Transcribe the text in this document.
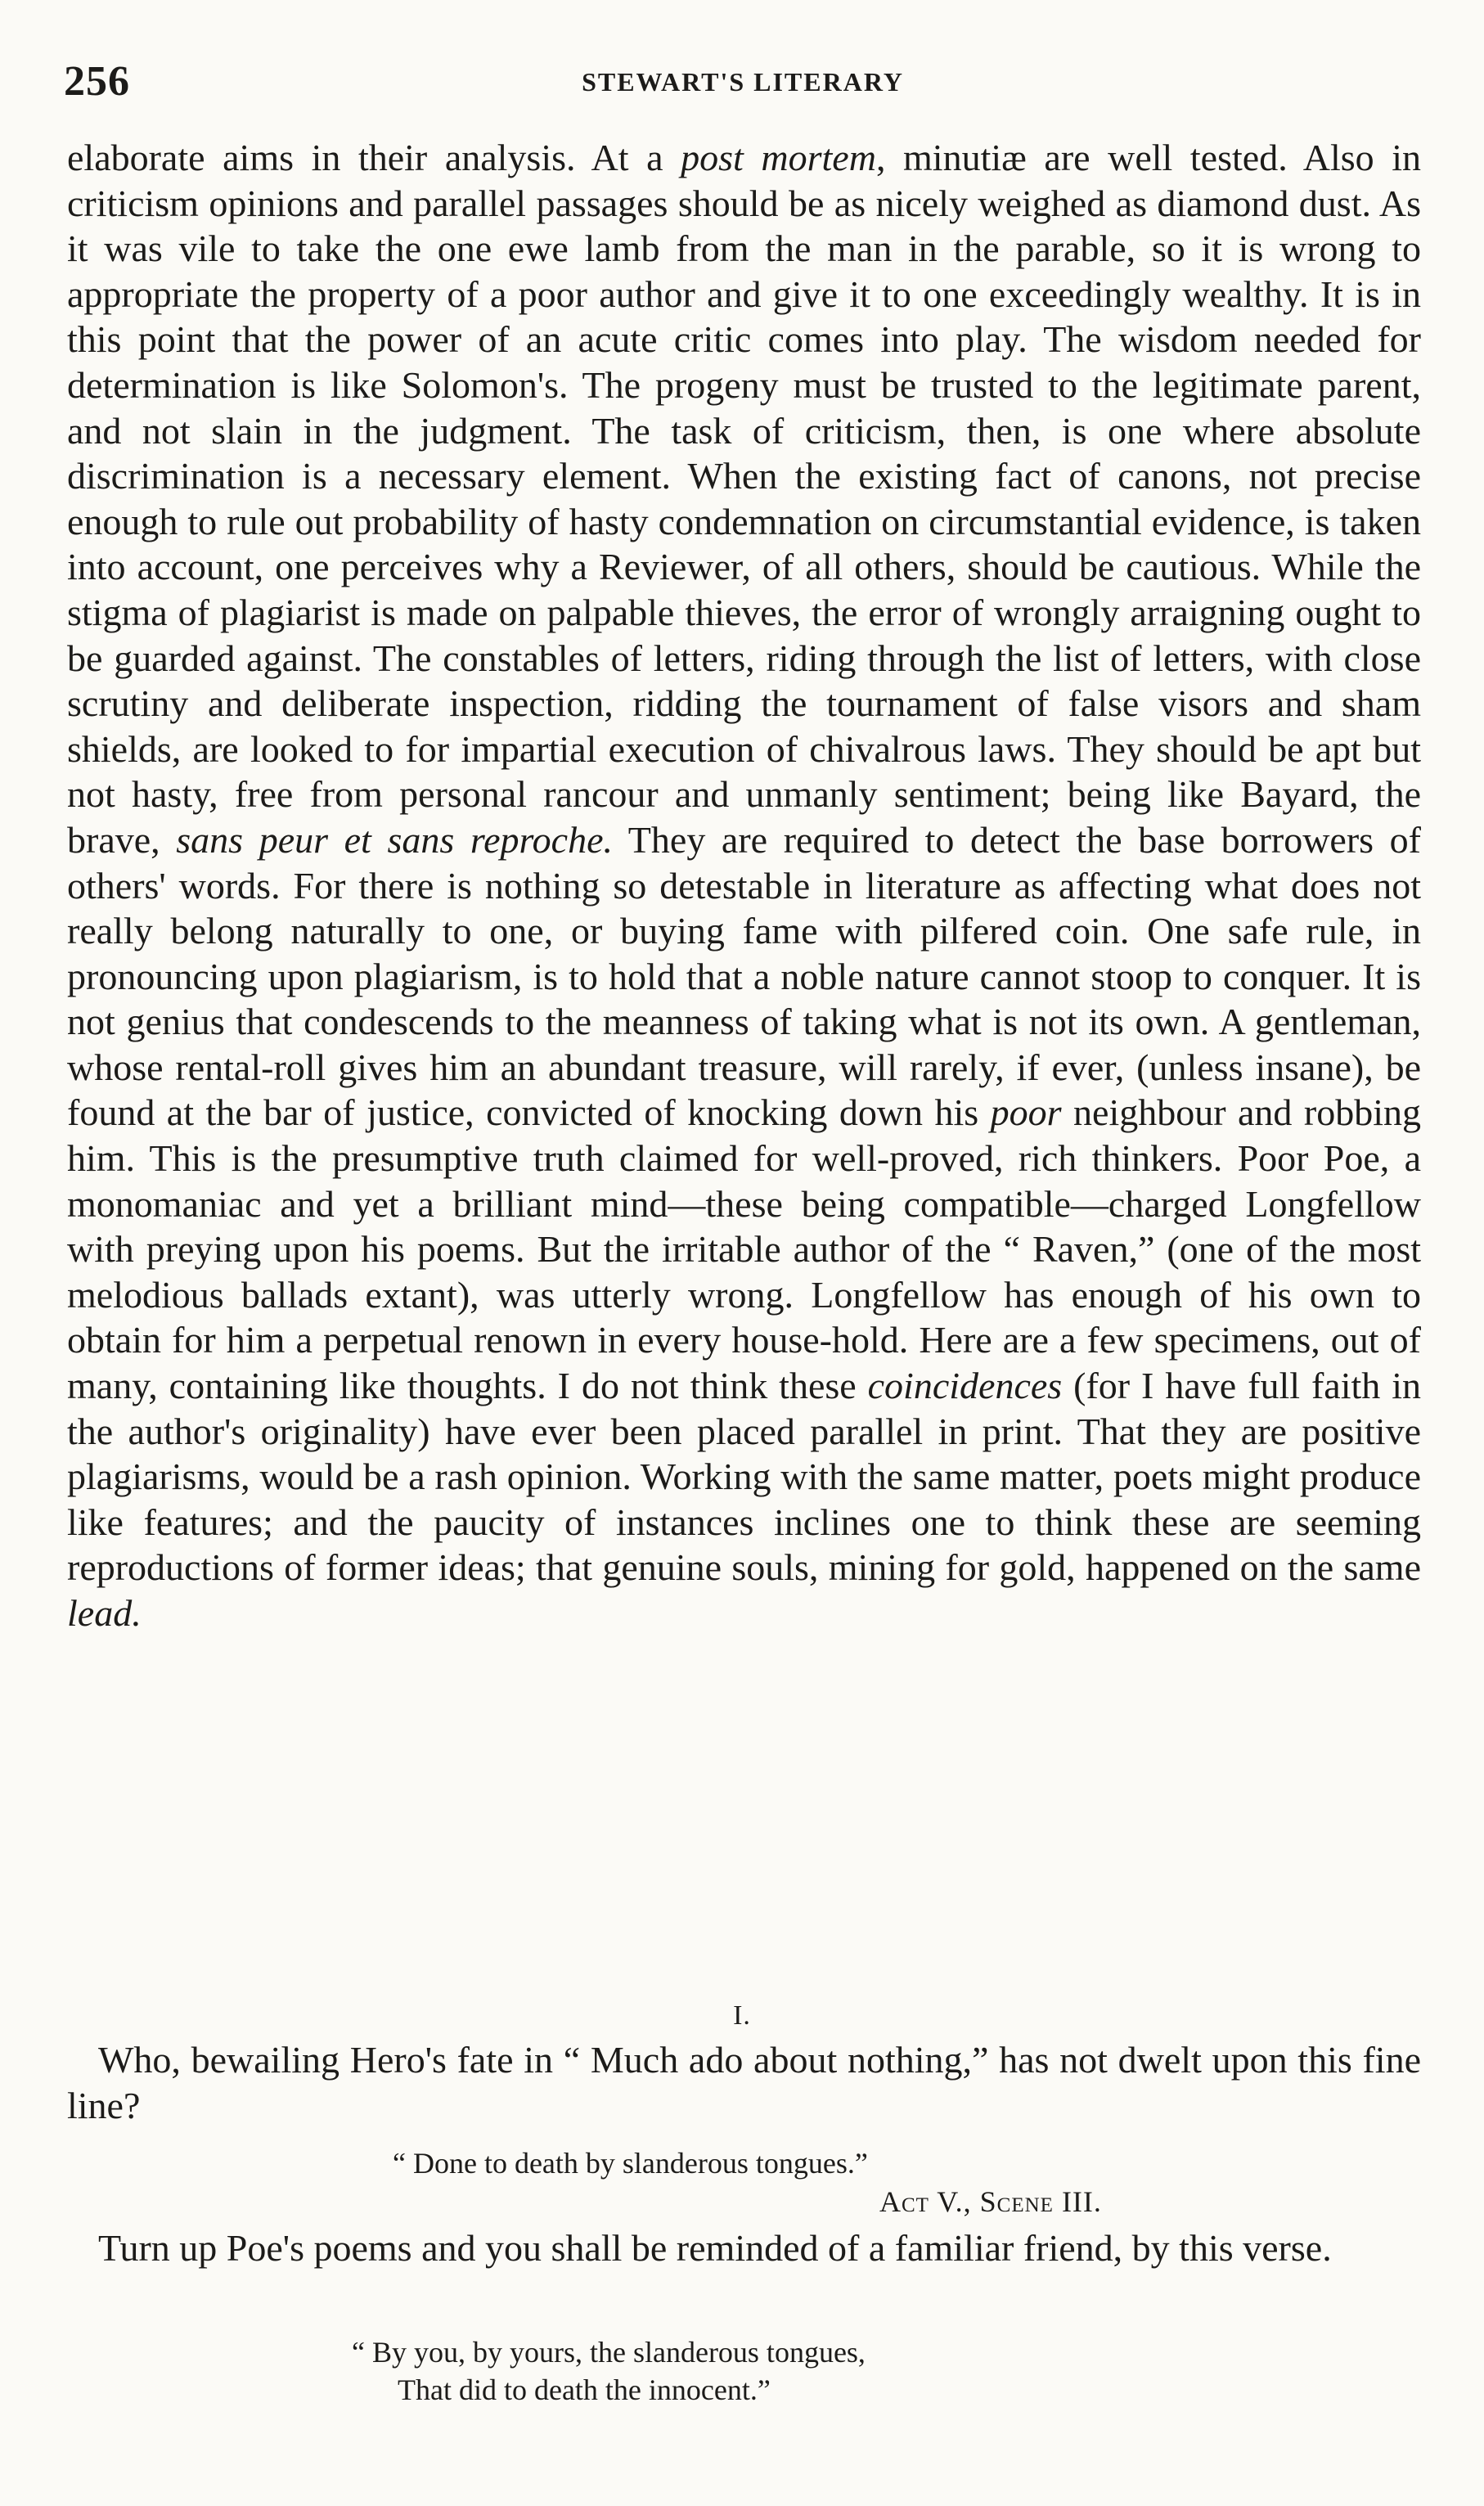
256	STEWART'S LITERARY

elaborate aims in their analysis. At a post mortem, minutiæ are well tested. Also in criticism opinions and parallel passages should be as nicely weighed as diamond dust. As it was vile to take the one ewe lamb from the man in the parable, so it is wrong to appropriate the property of a poor author and give it to one exceedingly wealthy. It is in this point that the power of an acute critic comes into play. The wisdom needed for determination is like Solomon's. The progeny must be trusted to the legitimate parent, and not slain in the judgment. The task of criticism, then, is one where absolute discrimination is a necessary element. When the existing fact of canons, not precise enough to rule out probability of hasty condemnation on circumstantial evidence, is taken into account, one perceives why a Reviewer, of all others, should be cautious. While the stigma of plagiarist is made on palpable thieves, the error of wrongly arraigning ought to be guarded against. The constables of letters, riding through the list of letters, with close scrutiny and deliberate inspection, ridding the tournament of false visors and sham shields, are looked to for impartial execution of chivalrous laws. They should be apt but not hasty, free from personal rancour and unmanly sentiment; being like Bayard, the brave, sans peur et sans reproche. They are required to detect the base borrowers of others' words. For there is nothing so detestable in literature as affecting what does not really belong naturally to one, or buying fame with pilfered coin. One safe rule, in pronouncing upon plagiarism, is to hold that a noble nature cannot stoop to conquer. It is not genius that condescends to the meanness of taking what is not its own. A gentleman, whose rental-roll gives him an abundant treasure, will rarely, if ever, (unless insane), be found at the bar of justice, convicted of knocking down his poor neighbour and robbing him. This is the presumptive truth claimed for well-proved, rich thinkers. Poor Poe, a monomaniac and yet a brilliant mind—these being compatible—charged Longfellow with preying upon his poems. But the irritable author of the “ Raven,” (one of the most melodious ballads extant), was utterly wrong. Longfellow has enough of his own to obtain for him a perpetual renown in every house-hold. Here are a few specimens, out of many, containing like thoughts. I do not think these coincidences (for I have full faith in the author's originality) have ever been placed parallel in print. That they are positive plagiarisms, would be a rash opinion. Working with the same matter, poets might produce like features; and the paucity of instances inclines one to think these are seeming reproductions of former ideas; that genuine souls, mining for gold, happened on the same lead.

I.

Who, bewailing Hero's fate in “ Much ado about nothing,” has not dwelt upon this fine line?

“ Done to death by slanderous tongues.”
Act V., Scene III.

Turn up Poe's poems and you shall be reminded of a familiar friend, by this verse.

“ By you, by yours, the slanderous tongues,
That did to death the innocent.”
